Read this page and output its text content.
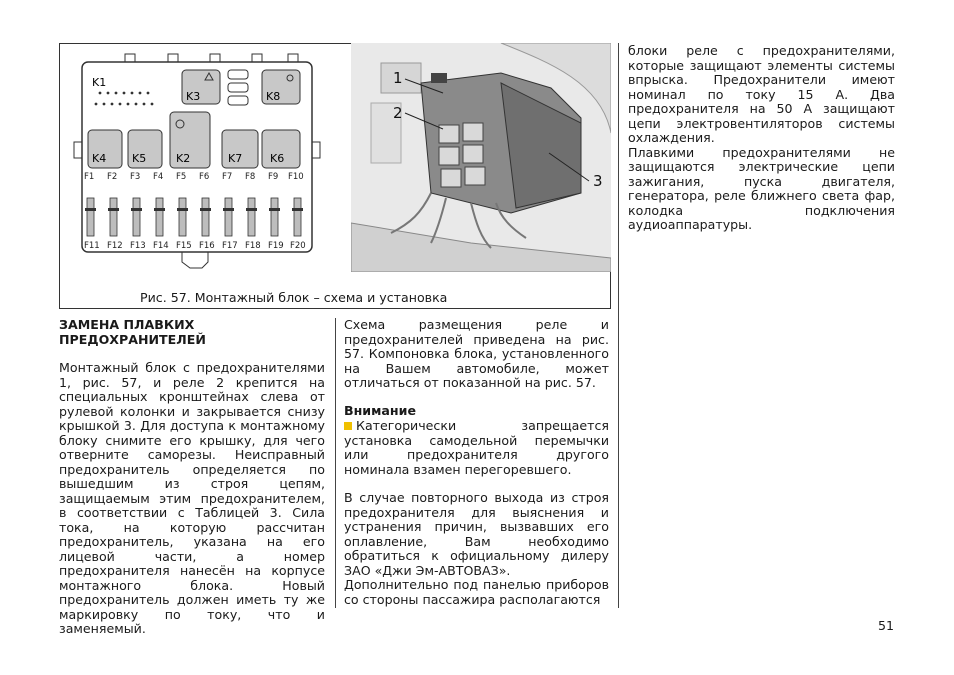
K1
K3	K8
K2
K4 K5	K7	K6
F1 F2 F3 F4 F5 F6 F7 F8 F9 F10
F11 F12 F13 F14 F15 F16 F17 F18 F19 F20
1
2
3
Рис. 57. Монтажный блок – схема и установка

блоки реле с предохранителями, которые защищают элементы системы впрыска. Предохранители имеют номинал по току 15 А. Два предохранителя на 50 А защищают цепи электровентиляторов системы охлаждения.
Плавкими предохранителями не защищаются электрические цепи зажигания, пуска двигателя, генератора, реле ближнего света фар, колодка подключения аудиоаппаратуры.

ЗАМЕНА ПЛАВКИХ ПРЕДОХРАНИТЕЛЕЙ

Монтажный блок с предохранителями 1, рис. 57, и реле 2 крепится на специальных кронштейнах слева от рулевой колонки и закрывается снизу крышкой 3. Для доступа к монтажному блоку снимите его крышку, для чего отверните саморезы. Неисправный предохранитель определяется по вышедшим из строя цепям, защищаемым этим предохранителем, в соответствии с Таблицей 3. Сила тока, на которую рассчитан предохранитель, указана на его лицевой части, а номер предохранителя нанесён на корпусе монтажного блока. Новый предохранитель должен иметь ту же маркировку по току, что и заменяемый.

Схема размещения реле и предохранителей приведена на рис. 57. Компоновка блока, установленного на Вашем автомобиле, может отличаться от показанной на рис. 57.

Внимание

Категорически запрещается установка самодельной перемычки или предохранителя другого номинала взамен перегоревшего.

В случае повторного выхода из строя предохранителя для выяснения и устранения причин, вызвавших его оплавление, Вам необходимо обратиться к официальному дилеру ЗАО «Джи Эм-АВТОВАЗ».
Дополнительно под панелью приборов со стороны пассажира располагаются

51
